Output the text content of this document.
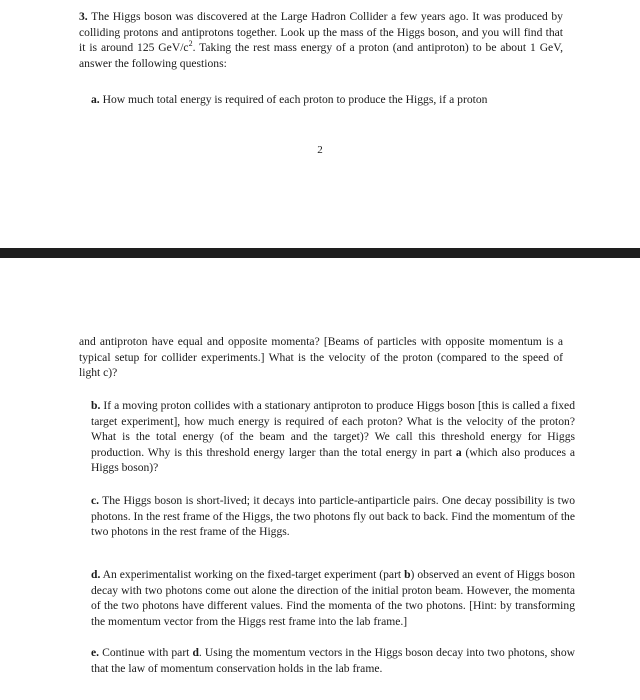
3. The Higgs boson was discovered at the Large Hadron Collider a few years ago. It was produced by colliding protons and antiprotons together. Look up the mass of the Higgs boson, and you will find that it is around 125 GeV/$c^2$. Taking the rest mass energy of a proton (and antiproton) to be about 1 GeV, answer the following questions:

a. How much total energy is required of each proton to produce the Higgs, if a proton

2

and antiproton have equal and opposite momenta? [Beams of particles with opposite momentum is a typical setup for collider experiments.] What is the velocity of the proton (compared to the speed of light c)?

b. If a moving proton collides with a stationary antiproton to produce Higgs boson [this is called a fixed target experiment], how much energy is required of each proton? What is the velocity of the proton? What is the total energy (of the beam and the target)? We call this threshold energy for Higgs production. Why is this threshold energy larger than the total energy in part a (which also produces a Higgs boson)?

c. The Higgs boson is short-lived; it decays into particle-antiparticle pairs. One decay possibility is two photons. In the rest frame of the Higgs, the two photons fly out back to back. Find the momentum of the two photons in the rest frame of the Higgs.

d. An experimentalist working on the fixed-target experiment (part b) observed an event of Higgs boson decay with two photons come out alone the direction of the initial proton beam. However, the momenta of the two photons have different values. Find the momenta of the two photons. [Hint: by transforming the momentum vector from the Higgs rest frame into the lab frame.]

e. Continue with part d. Using the momentum vectors in the Higgs boson decay into two photons, show that the law of momentum conservation holds in the lab frame.
